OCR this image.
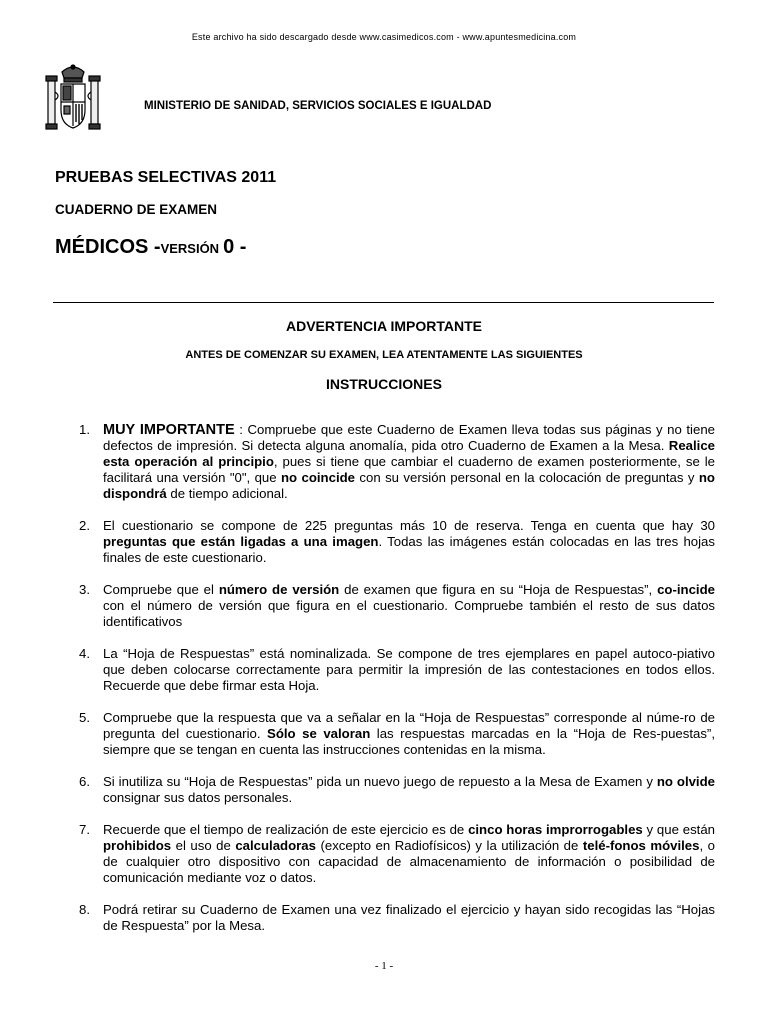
Este archivo ha sido descargado desde www.casimedicos.com - www.apuntesmedicina.com
MINISTERIO DE SANIDAD, SERVICIOS SOCIALES E IGUALDAD
PRUEBAS SELECTIVAS 2011
CUADERNO DE EXAMEN
MÉDICOS -VERSIÓN 0 -
ADVERTENCIA IMPORTANTE
ANTES DE COMENZAR SU EXAMEN, LEA ATENTAMENTE LAS SIGUIENTES
INSTRUCCIONES
1. MUY IMPORTANTE : Compruebe que este Cuaderno de Examen lleva todas sus páginas y no tiene defectos de impresión. Si detecta alguna anomalía, pida otro Cuaderno de Examen a la Mesa. Realice esta operación al principio, pues si tiene que cambiar el cuaderno de examen posteriormente, se le facilitará una versión "0", que no coincide con su versión personal en la colocación de preguntas y no dispondrá de tiempo adicional.
2. El cuestionario se compone de 225 preguntas más 10 de reserva. Tenga en cuenta que hay 30 preguntas que están ligadas a una imagen. Todas las imágenes están colocadas en las tres hojas finales de este cuestionario.
3. Compruebe que el número de versión de examen que figura en su “Hoja de Respuestas”, co-incide con el número de versión que figura en el cuestionario. Compruebe también el resto de sus datos identificativos
4. La “Hoja de Respuestas” está nominalizada. Se compone de tres ejemplares en papel autoco-piativo que deben colocarse correctamente para permitir la impresión de las contestaciones en todos ellos. Recuerde que debe firmar esta Hoja.
5. Compruebe que la respuesta que va a señalar en la “Hoja de Respuestas” corresponde al núme-ro de pregunta del cuestionario. Sólo se valoran las respuestas marcadas en la “Hoja de Res-puestas”, siempre que se tengan en cuenta las instrucciones contenidas en la misma.
6. Si inutiliza su “Hoja de Respuestas” pida un nuevo juego de repuesto a la Mesa de Examen y no olvide consignar sus datos personales.
7. Recuerde que el tiempo de realización de este ejercicio es de cinco horas improrrogables y que están prohibidos el uso de calculadoras (excepto en Radiofísicos) y la utilización de telé-fonos móviles, o de cualquier otro dispositivo con capacidad de almacenamiento de información o posibilidad de comunicación mediante voz o datos.
8. Podrá retirar su Cuaderno de Examen una vez finalizado el ejercicio y hayan sido recogidas las “Hojas de Respuesta” por la Mesa.
- 1 -
